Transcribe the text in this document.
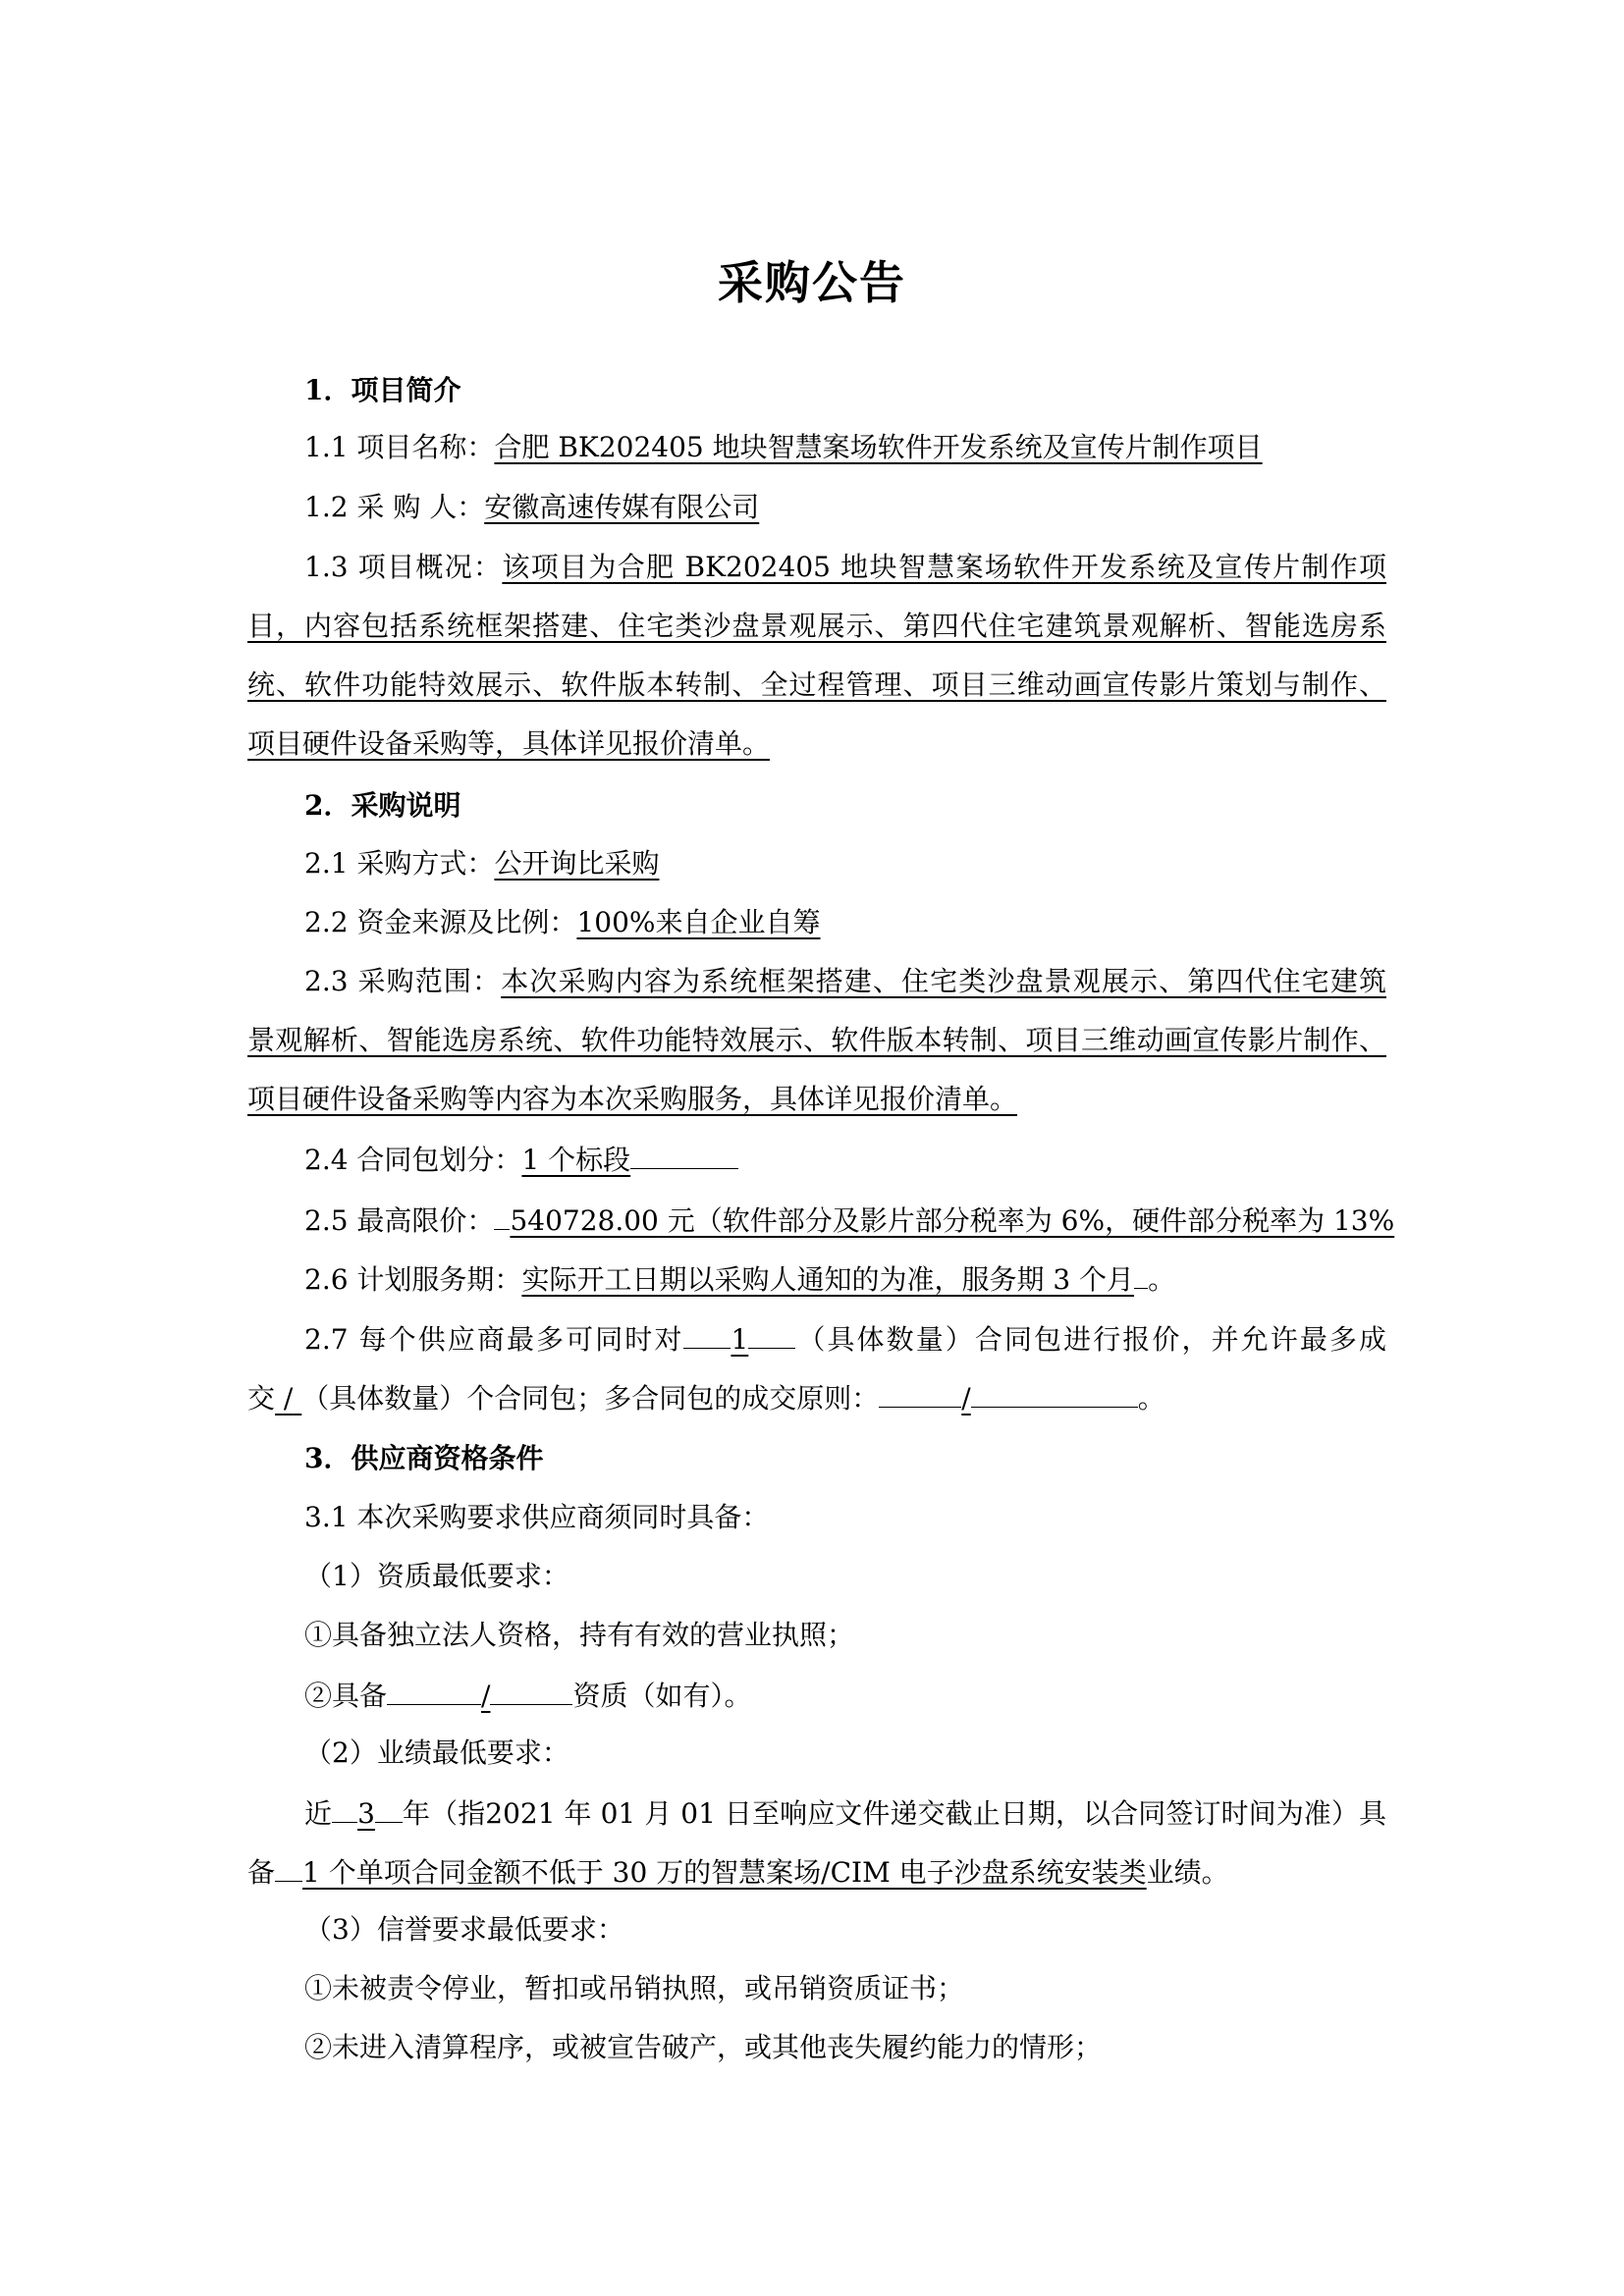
采购公告
1．项目简介
1.1 项目名称：合肥 BK202405 地块智慧案场软件开发系统及宣传片制作项目
1.2 采 购 人：安徽高速传媒有限公司
1.3 项目概况：该项目为合肥 BK202405 地块智慧案场软件开发系统及宣传片制作项
目，内容包括系统框架搭建、住宅类沙盘景观展示、第四代住宅建筑景观解析、智能选房系
统、软件功能特效展示、软件版本转制、全过程管理、项目三维动画宣传影片策划与制作、
项目硬件设备采购等，具体详见报价清单。
2．采购说明
2.1 采购方式：公开询比采购
2.2 资金来源及比例：100%来自企业自筹
2.3 采购范围：本次采购内容为系统框架搭建、住宅类沙盘景观展示、第四代住宅建筑
景观解析、智能选房系统、软件功能特效展示、软件版本转制、项目三维动画宣传影片制作、
项目硬件设备采购等内容为本次采购服务，具体详见报价清单。
2.4 合同包划分：1 个标段
2.5 最高限价： 540728.00 元（软件部分及影片部分税率为 6%，硬件部分税率为 13%
2.6 计划服务期：实际开工日期以采购人通知的为准，服务期 3 个月 。
2.7 每个供应商最多可同时对 1 （具体数量）合同包进行报价，并允许最多成
交 / （具体数量）个合同包；多合同包的成交原则：	/	。
3．供应商资格条件
3.1 本次采购要求供应商须同时具备：
（1）资质最低要求：
①具备独立法人资格，持有有效的营业执照；
②具备	/	资质（如有）。
（2）业绩最低要求：
近 3 年（指2021 年 01 月 01 日至响应文件递交截止日期，以合同签订时间为准）具
备 1 个单项合同金额不低于 30 万的智慧案场/CIM 电子沙盘系统安装类业绩。
（3）信誉要求最低要求：
①未被责令停业，暂扣或吊销执照，或吊销资质证书；
②未进入清算程序，或被宣告破产，或其他丧失履约能力的情形；
